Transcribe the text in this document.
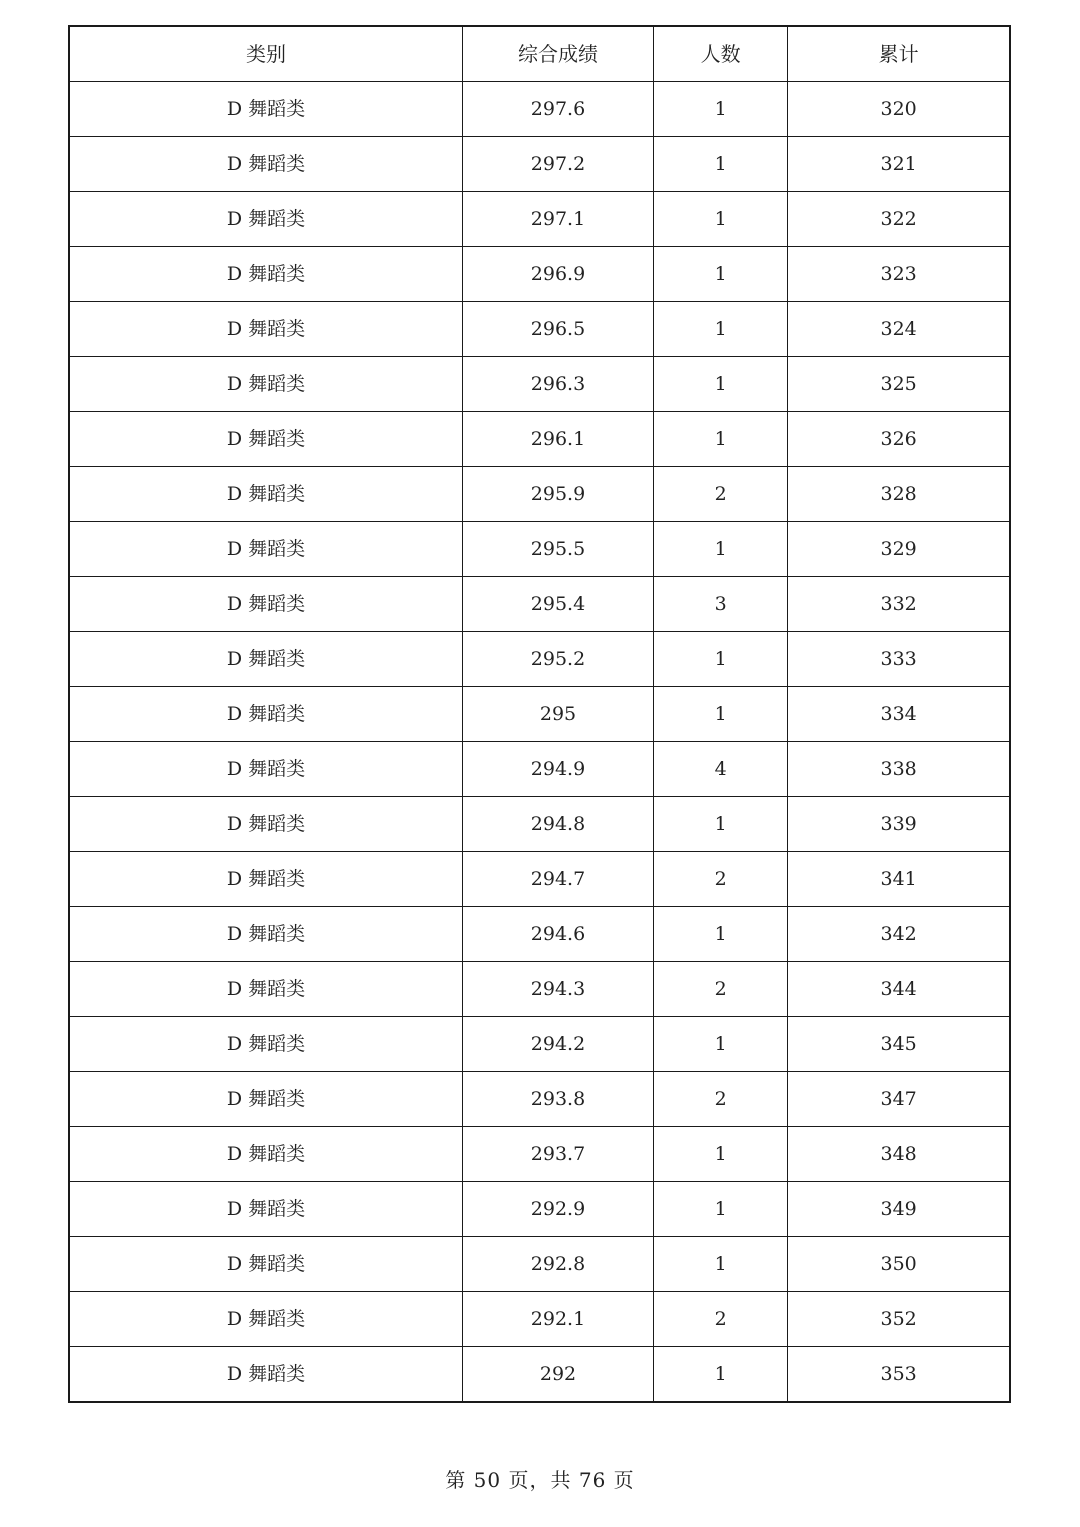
类别	综合成绩	人数	累计
D 舞蹈类	297.6	1	320
D 舞蹈类	297.2	1	321
D 舞蹈类	297.1	1	322
D 舞蹈类	296.9	1	323
D 舞蹈类	296.5	1	324
D 舞蹈类	296.3	1	325
D 舞蹈类	296.1	1	326
D 舞蹈类	295.9	2	328
D 舞蹈类	295.5	1	329
D 舞蹈类	295.4	3	332
D 舞蹈类	295.2	1	333
D 舞蹈类	295	1	334
D 舞蹈类	294.9	4	338
D 舞蹈类	294.8	1	339
D 舞蹈类	294.7	2	341
D 舞蹈类	294.6	1	342
D 舞蹈类	294.3	2	344
D 舞蹈类	294.2	1	345
D 舞蹈类	293.8	2	347
D 舞蹈类	293.7	1	348
D 舞蹈类	292.9	1	349
D 舞蹈类	292.8	1	350
D 舞蹈类	292.1	2	352
D 舞蹈类	292	1	353
第 50 页，共 76 页
